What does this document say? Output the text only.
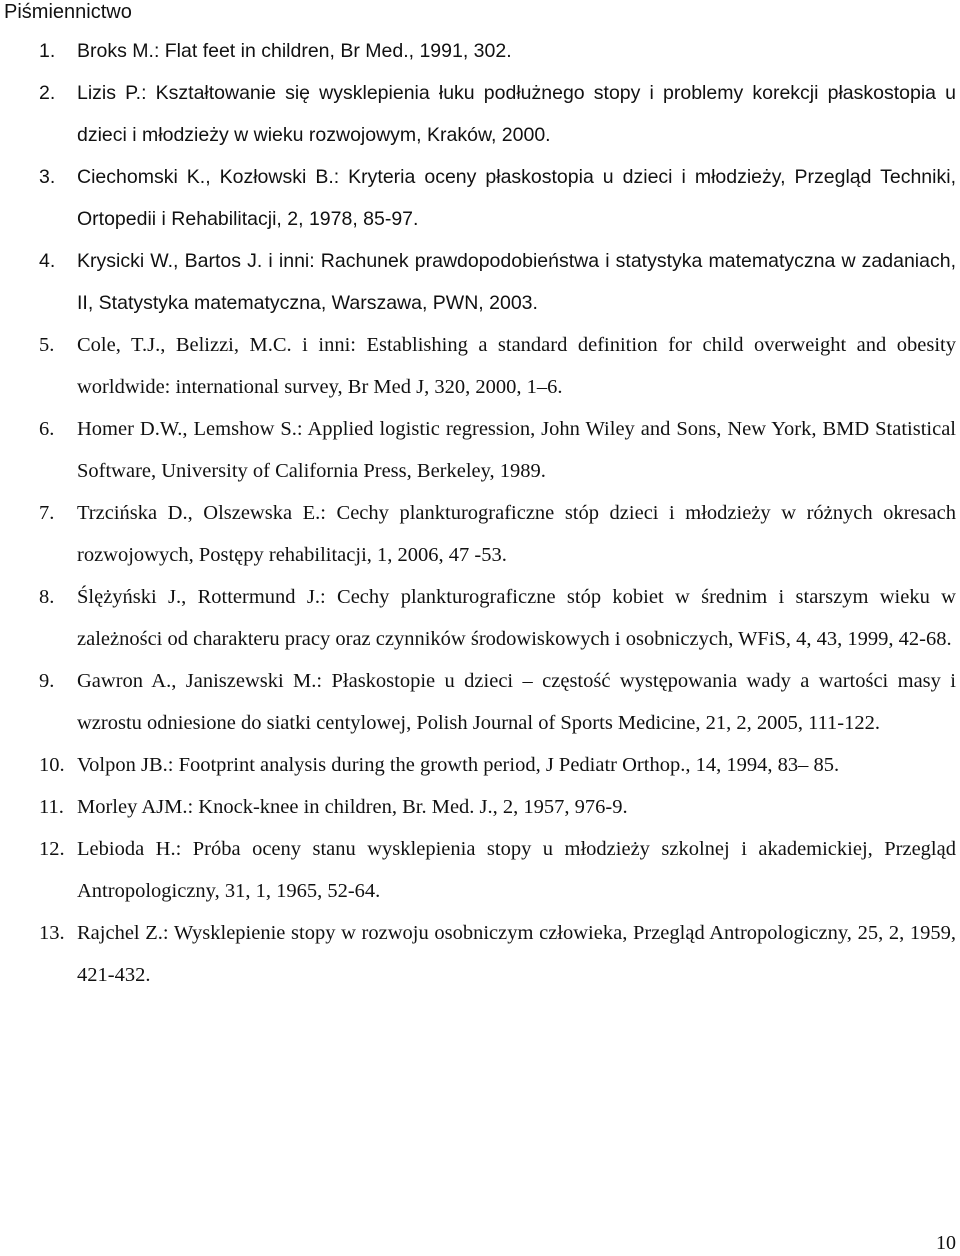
Piśmiennictwo
1. Broks M.: Flat feet in children, Br Med., 1991, 302.
2. Lizis P.: Kształtowanie się wysklepienia łuku podłużnego stopy i problemy korekcji płaskostopia u dzieci i młodzieży w wieku rozwojowym, Kraków, 2000.
3. Ciechomski K., Kozłowski B.: Kryteria oceny płaskostopia u dzieci i młodzieży, Przegląd Techniki, Ortopedii i Rehabilitacji, 2, 1978, 85-97.
4. Krysicki W., Bartos J. i inni: Rachunek prawdopodobieństwa i statystyka matematyczna w zadaniach, II, Statystyka matematyczna, Warszawa, PWN, 2003.
5. Cole, T.J., Belizzi, M.C. i inni: Establishing a standard definition for child overweight and obesity worldwide: international survey, Br Med J, 320, 2000, 1–6.
6. Homer D.W., Lemshow S.: Applied logistic regression, John Wiley and Sons, New York, BMD Statistical Software, University of California Press, Berkeley, 1989.
7. Trzcińska D., Olszewska E.: Cechy plankturograficzne stóp dzieci i młodzieży w różnych okresach rozwojowych, Postępy rehabilitacji, 1, 2006, 47 -53.
8. Ślężyński J., Rottermund J.: Cechy plankturograficzne stóp kobiet w średnim i starszym wieku w zależności od charakteru pracy oraz czynników środowiskowych i osobniczych, WFiS, 4, 43, 1999, 42-68.
9. Gawron A., Janiszewski M.: Płaskostopie u dzieci – częstość występowania wady a wartości masy i wzrostu odniesione do siatki centylowej, Polish Journal of Sports Medicine, 21, 2, 2005, 111-122.
10. Volpon JB.: Footprint analysis during the growth period, J Pediatr Orthop., 14, 1994, 83– 85.
11. Morley AJM.: Knock-knee in children, Br. Med. J., 2, 1957, 976-9.
12. Lebioda H.: Próba oceny stanu wysklepienia stopy u młodzieży szkolnej i akademickiej, Przegląd Antropologiczny, 31, 1, 1965, 52-64.
13. Rajchel Z.: Wysklepienie stopy w rozwoju osobniczym człowieka, Przegląd Antropologiczny, 25, 2, 1959, 421-432.
10
